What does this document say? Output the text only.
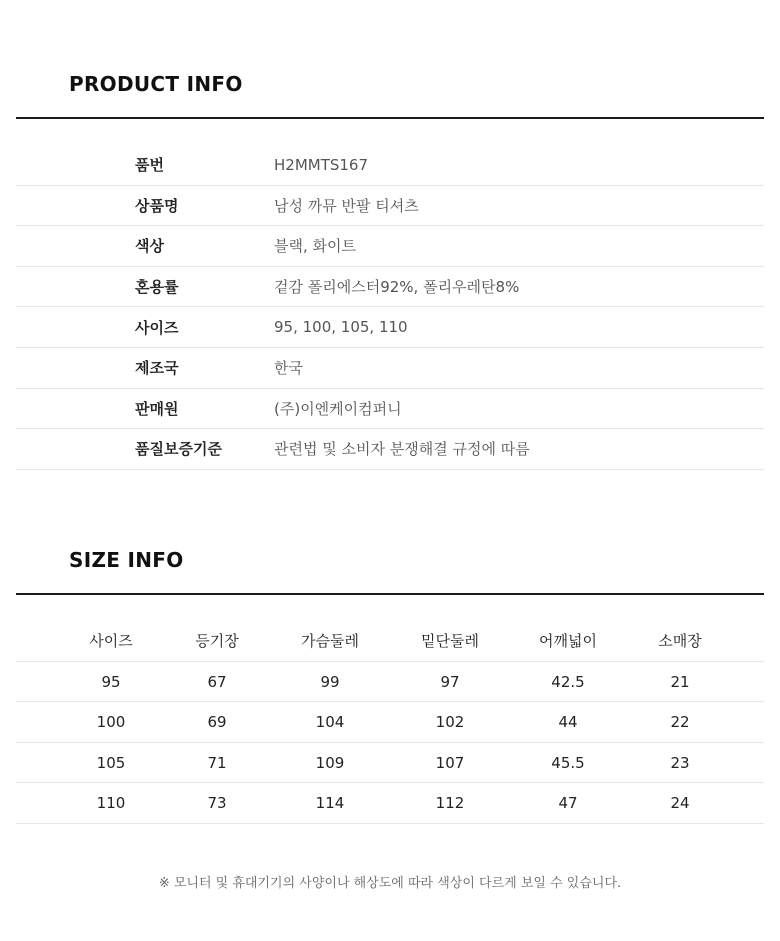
PRODUCT INFO
품번	H2MMTS167
상품명	남성 까뮤 반팔 티셔츠
색상	블랙, 화이트
혼용률	겉감 폴리에스터92%, 폴리우레탄8%
사이즈	95, 100, 105, 110
제조국	한국
판매원	(주)이엔케이컴퍼니
품질보증기준	관련법 및 소비자 분쟁해결 규정에 따름
SIZE INFO
사이즈	등기장	가슴둘레	밑단둘레	어깨넓이	소매장
95	67	99	97	42.5	21
100	69	104	102	44	22
105	71	109	107	45.5	23
110	73	114	112	47	24
※ 모니터 및 휴대기기의 사양이나 해상도에 따라 색상이 다르게 보일 수 있습니다.
